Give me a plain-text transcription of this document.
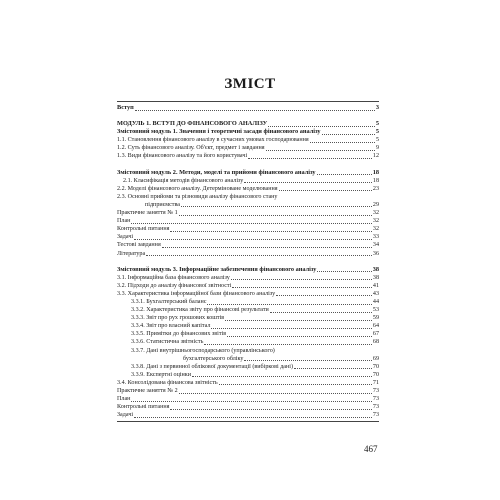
ЗМІСТ
Вступ	3
МОДУЛЬ 1. ВСТУП ДО ФІНАНСОВОГО АНАЛІЗУ	5
Змістовний модуль 1. Значення і теоретичні засади фінансового аналізу	5
1.1. Становлення фінансового аналізу в сучасних умовах господарювання	5
1.2. Суть фінансового аналізу. Об'єкт, предмет і завдання	9
1.3. Види фінансового аналізу та його користувачі	12
Змістовний модуль 2. Методи, моделі та прийоми фінансового аналізу	18
2.1. Класифікація методів фінансового аналізу	18
2.2. Моделі фінансового аналізу. Детерміноване моделювання	23
2.3. Основні прийоми та різновиди аналізу фінансового стану
підприємства	29
Практичне заняття № 1	32
План	32
Контрольні питання	32
Задачі	33
Тестові завдання	34
Література	36
Змістовний модуль 3. Інформаційне забезпечення фінансового аналізу	38
3.1. Інформаційна база фінансового аналізу	38
3.2. Підходи до аналізу фінансової звітності	41
3.3. Характеристика інформаційної бази фінансового аналізу	43
3.3.1. Бухгалтерський баланс	44
3.3.2. Характеристика звіту про фінансові результати	53
3.3.3. Звіт про рух грошових коштів	59
3.3.4. Звіт про власний капітал	64
3.3.5. Примітки до фінансових звітів	67
3.3.6. Статистична звітність	68
3.3.7. Дані внутрішньогосподарського (управлінського)
бухгалтерського обліку	69
3.3.8. Дані з первинної облікової документації (вибіркові дані)	70
3.3.9. Експертні оцінки	70
3.4. Консолідована фінансова звітність	71
Практичне заняття № 2	73
План	73
Контрольні питання	73
Задачі	73
467
